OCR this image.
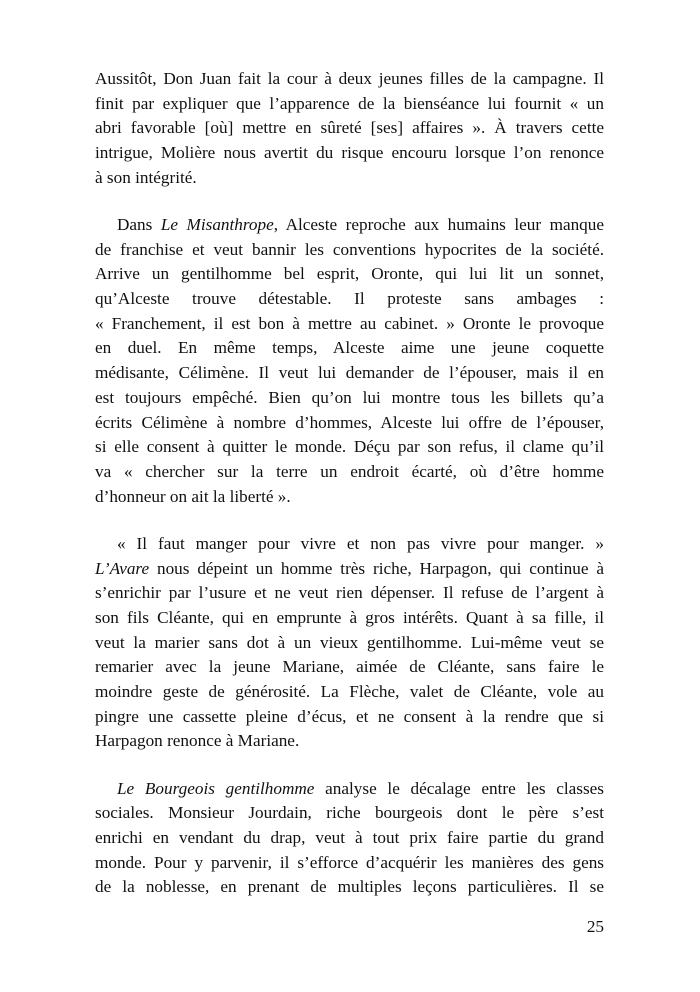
Aussitôt, Don Juan fait la cour à deux jeunes filles de la campagne. Il
finit par expliquer que l’apparence de la bienséance lui fournit « un
abri favorable [où] mettre en sûreté [ses] affaires ». À travers cette
intrigue, Molière nous avertit du risque encouru lorsque l’on renonce
à son intégrité.
Dans Le Misanthrope, Alceste reproche aux humains leur manque
de franchise et veut bannir les conventions hypocrites de la société.
Arrive un gentilhomme bel esprit, Oronte, qui lui lit un sonnet,
qu’Alceste trouve détestable. Il proteste sans ambages :
« Franchement, il est bon à mettre au cabinet. » Oronte le provoque
en duel. En même temps, Alceste aime une jeune coquette
médisante, Célimène. Il veut lui demander de l’épouser, mais il en
est toujours empêché. Bien qu’on lui montre tous les billets qu’a
écrits Célimène à nombre d’hommes, Alceste lui offre de l’épouser,
si elle consent à quitter le monde. Déçu par son refus, il clame qu’il
va « chercher sur la terre un endroit écarté, où d’être homme
d’honneur on ait la liberté ».
« Il faut manger pour vivre et non pas vivre pour manger. »
L’Avare nous dépeint un homme très riche, Harpagon, qui continue à
s’enrichir par l’usure et ne veut rien dépenser. Il refuse de l’argent à
son fils Cléante, qui en emprunte à gros intérêts. Quant à sa fille, il
veut la marier sans dot à un vieux gentilhomme. Lui-même veut se
remarier avec la jeune Mariane, aimée de Cléante, sans faire le
moindre geste de générosité. La Flèche, valet de Cléante, vole au
pingre une cassette pleine d’écus, et ne consent à la rendre que si
Harpagon renonce à Mariane.
Le Bourgeois gentilhomme analyse le décalage entre les classes
sociales. Monsieur Jourdain, riche bourgeois dont le père s’est
enrichi en vendant du drap, veut à tout prix faire partie du grand
monde. Pour y parvenir, il s’efforce d’acquérir les manières des gens
de la noblesse, en prenant de multiples leçons particulières. Il se
25
